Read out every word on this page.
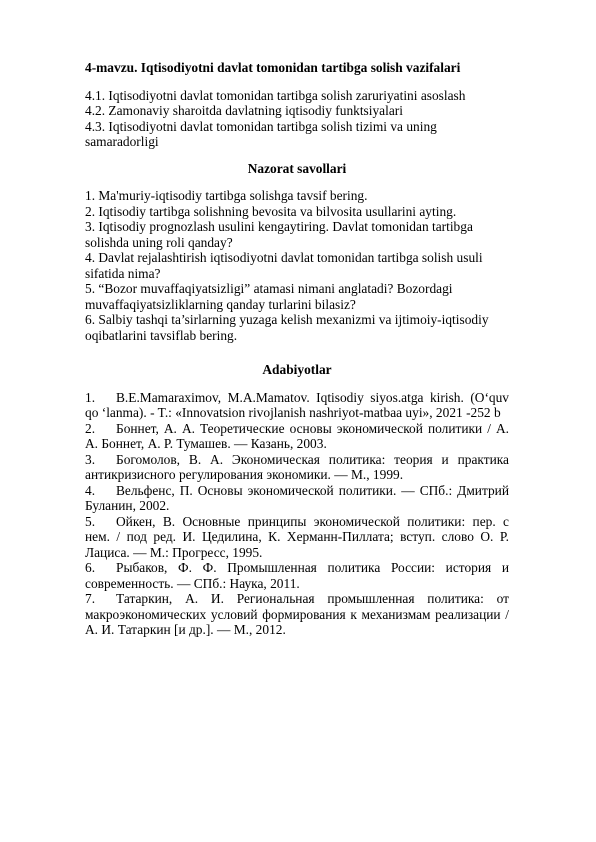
4-mavzu. Iqtisodiyotni davlat tomonidan tartibga solish vazifalari

4.1. Iqtisodiyotni davlat tomonidan tartibga solish zaruriyatini asoslash

4.2. Zamonaviy sharoitda davlatning iqtisodiy funktsiyalari

4.3. Iqtisodiyotni davlat tomonidan tartibga solish tizimi va uning samaradorligi

Nazorat savollari

1. Ma'muriy-iqtisodiy tartibga solishga tavsif bering.

2. Iqtisodiy tartibga solishning bevosita va bilvosita usullarini ayting.

3. Iqtisodiy prognozlash usulini kengaytiring. Davlat tomonidan tartibga solishda uning roli qanday?

4. Davlat rejalashtirish iqtisodiyotni davlat tomonidan tartibga solish usuli sifatida nima?

5. “Bozor muvaffaqiyatsizligi” atamasi nimani anglatadi? Bozordagi muvaffaqiyatsizliklarning qanday turlarini bilasiz?

6. Salbiy tashqi ta’sirlarning yuzaga kelish mexanizmi va ijtimoiy-iqtisodiy oqibatlarini tavsiflab bering.

Adabiyotlar

1. B.E.Mamaraximov, M.A.Mamatov. Iqtisodiy siyos.atga kirish. (O‘quv qo ‘lanma). - T.: «Innovatsion rivojlanish nashriyot-matbaa uyi», 2021 -252 b

2. Боннет, А. А. Теоретические основы экономической политики / А. А. Боннет, А. Р. Тумашев. — Казань, 2003.

3. Богомолов, В. А. Экономическая политика: теория и практика антикризисного регулирования экономики. — М., 1999.

4. Вельфенс, П. Основы экономической политики. — СПб.: Дмитрий Буланин, 2002.

5. Ойкен, В. Основные принципы экономической политики: пер. с нем. / под ред. И. Цедилина, К. Херманн-Пиллата; вступ. слово О. Р. Лациса. — М.: Прогресс, 1995.

6. Рыбаков, Ф. Ф. Промышленная политика России: история и современность. — СПб.: Наука, 2011.

7. Татаркин, А. И. Региональная промышленная политика: от макроэкономических условий формирования к механизмам реализации / А. И. Татаркин [и др.]. — М., 2012.
